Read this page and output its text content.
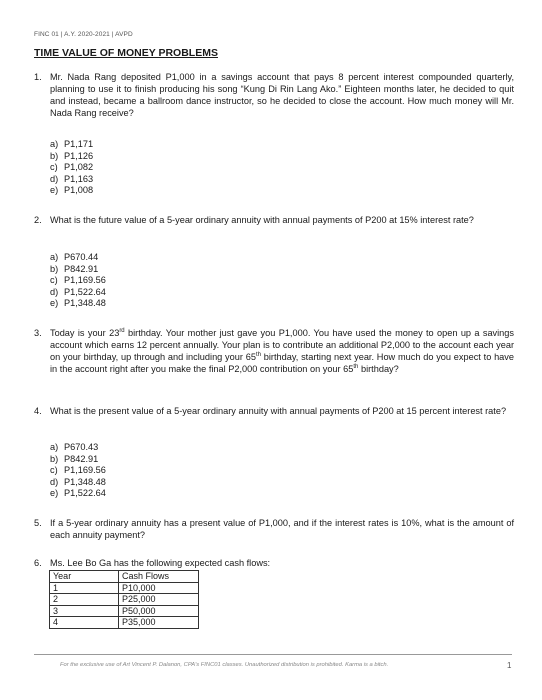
FINC 01 | A.Y. 2020-2021 | AVPD
TIME VALUE OF MONEY PROBLEMS
1. Mr. Nada Rang deposited P1,000 in a savings account that pays 8 percent interest compounded quarterly, planning to use it to finish producing his song “Kung Di Rin Lang Ako.” Eighteen months later, he decided to quit and instead, became a ballroom dance instructor, so he decided to close the account. How much money will Mr. Nada Rang receive?
a) P1,171
b) P1,126
c) P1,082
d) P1,163
e) P1,008
2. What is the future value of a 5-year ordinary annuity with annual payments of P200 at 15% interest rate?
a) P670.44
b) P842.91
c) P1,169.56
d) P1,522.64
e) P1,348.48
3. Today is your 23rd birthday. Your mother just gave you P1,000. You have used the money to open up a savings account which earns 12 percent annually. Your plan is to contribute an additional P2,000 to the account each year on your birthday, up through and including your 65th birthday, starting next year. How much do you expect to have in the account right after you make the final P2,000 contribution on your 65th birthday?
4. What is the present value of a 5-year ordinary annuity with annual payments of P200 at 15 percent interest rate?
a) P670.43
b) P842.91
c) P1,169.56
d) P1,348.48
e) P1,522.64
5. If a 5-year ordinary annuity has a present value of P1,000, and if the interest rates is 10%, what is the amount of each annuity payment?
6. Ms. Lee Bo Ga has the following expected cash flows:
Year	Cash Flows
1	P10,000
2	P25,000
3	P50,000
4	P35,000
For the exclusive use of Art Vincent P. Dalanon, CPA's FINC01 classes. Unauthorized distribution is prohibited. Karma is a bitch.	1
